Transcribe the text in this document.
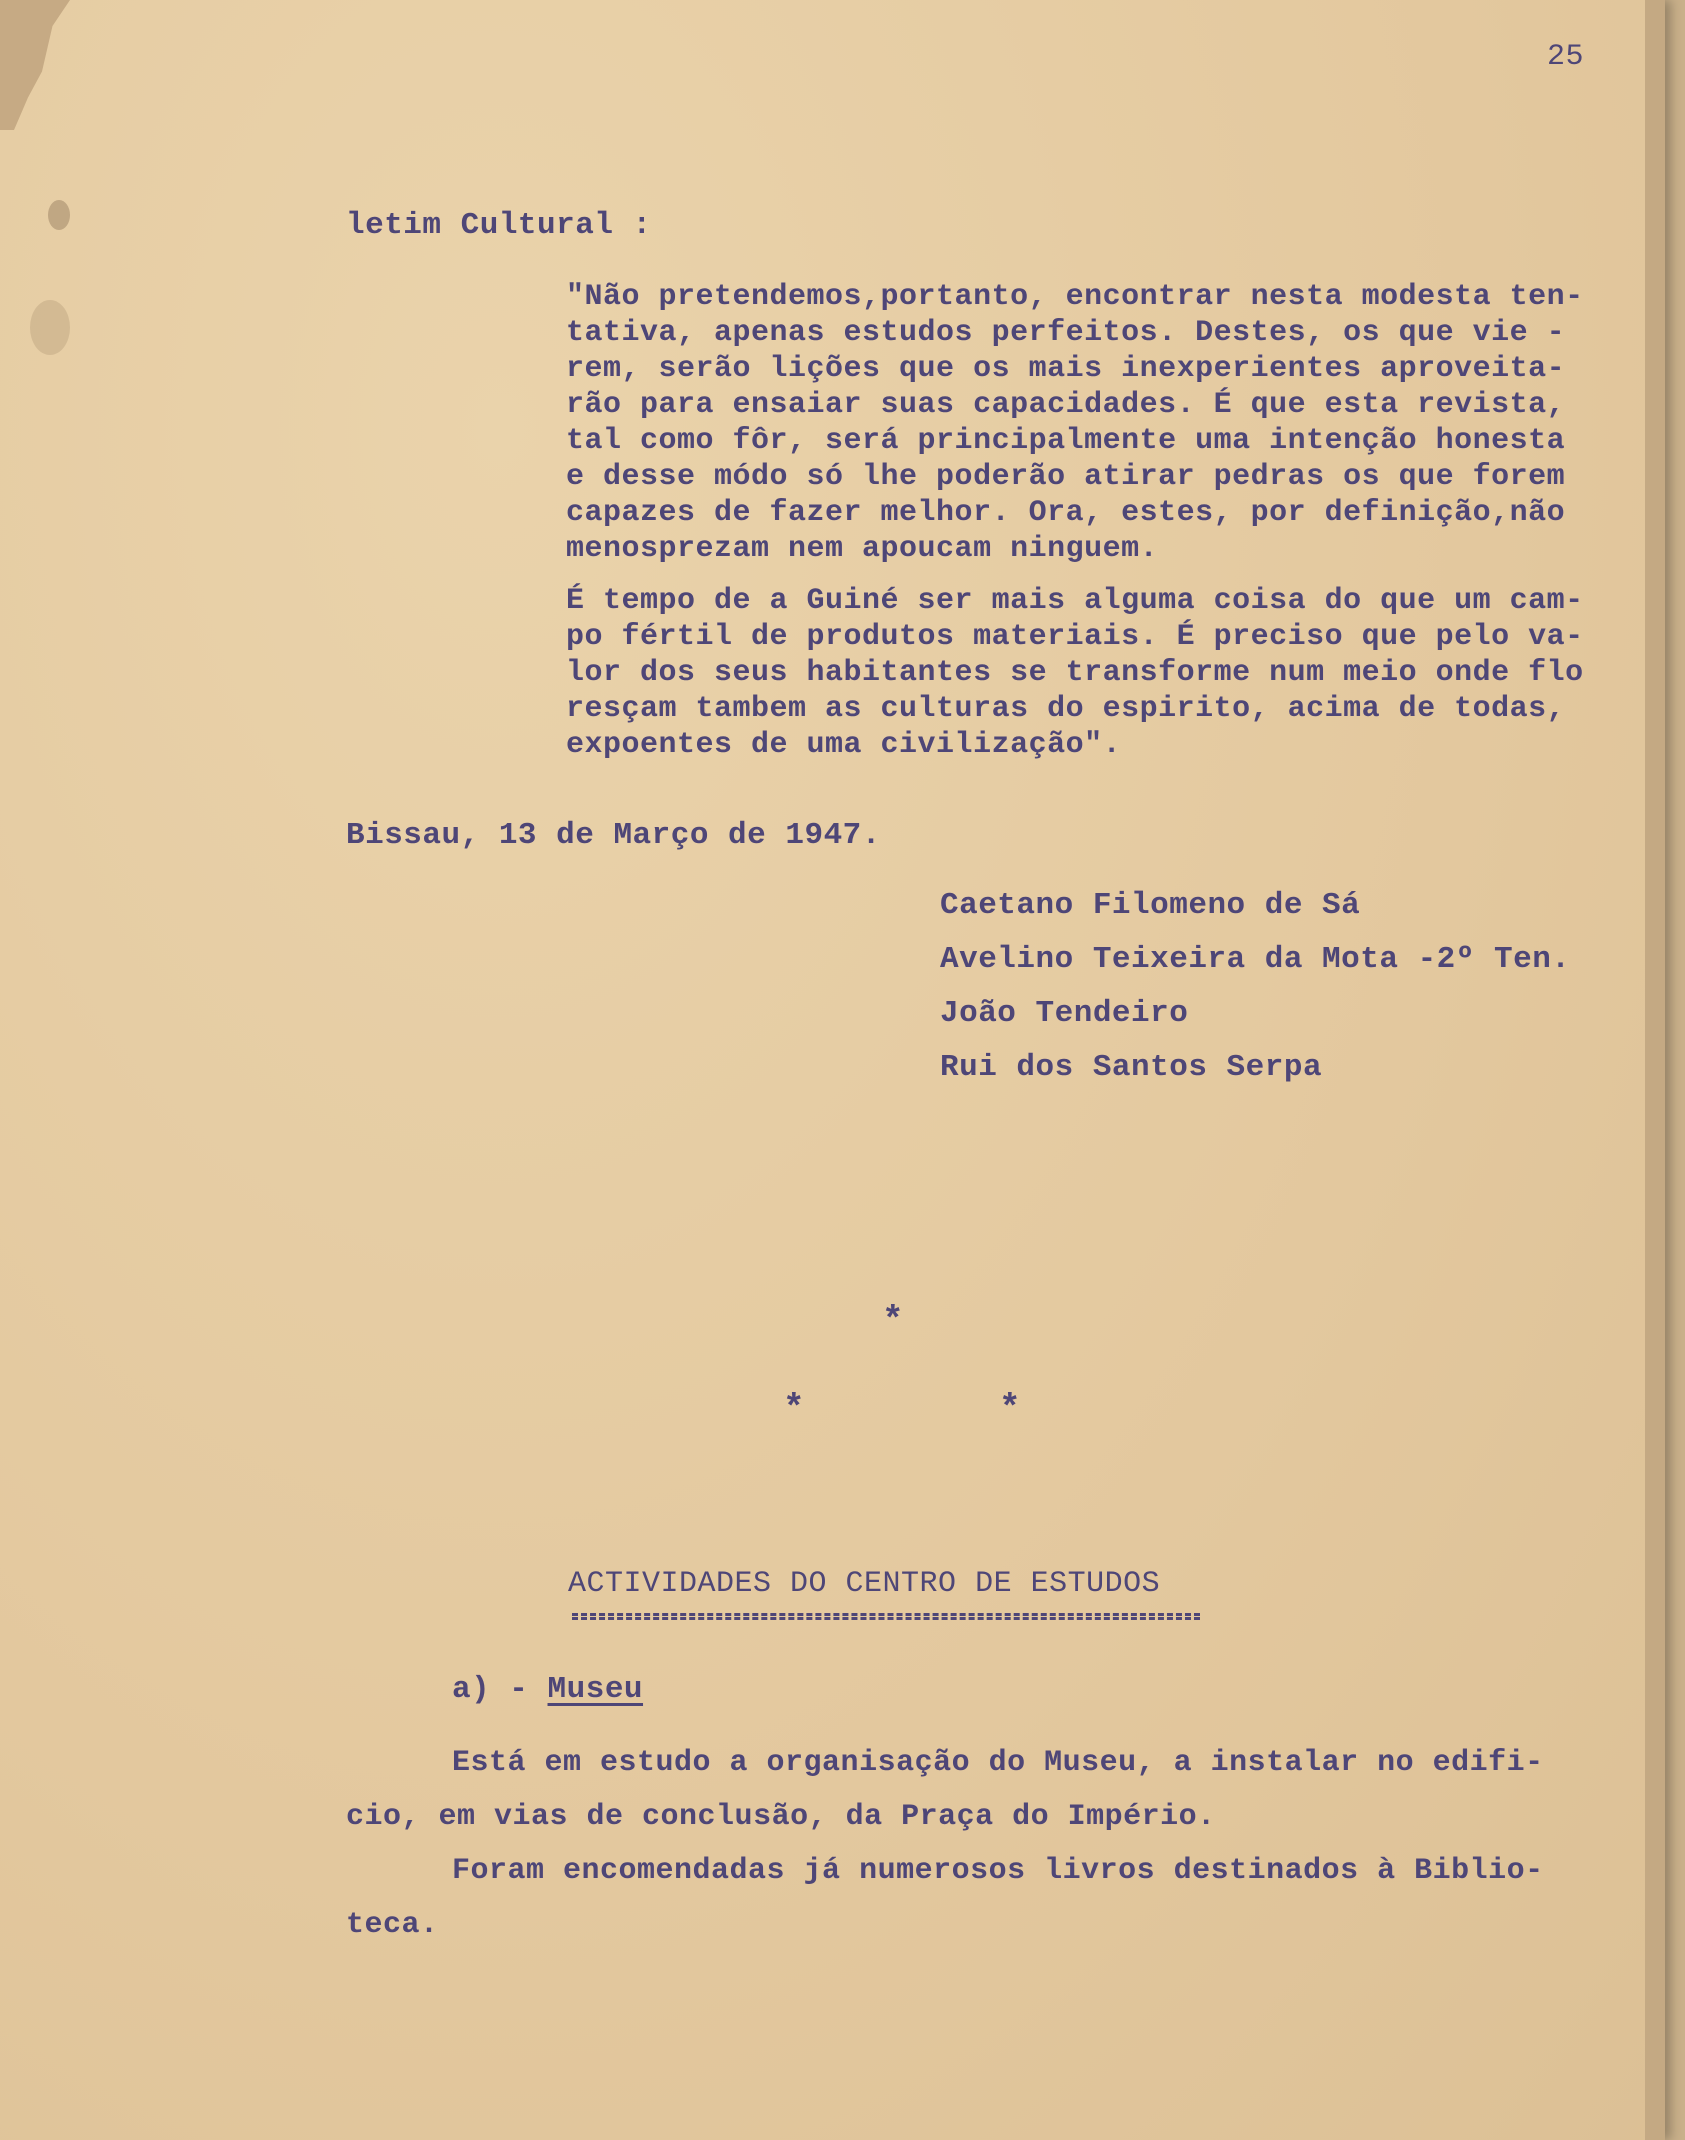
25
letim Cultural :
"Não pretendemos,portanto, encontrar nesta modesta ten-
tativa, apenas estudos perfeitos. Destes, os que vie -
rem, serão lições que os mais inexperientes aproveita-
rão para ensaiar suas capacidades. É que esta revista,
tal como fôr, será principalmente uma intenção honesta
e desse módo só lhe poderão atirar pedras os que forem
capazes de fazer melhor. Ora, estes, por definição,não
menosprezam nem apoucam ninguem.
É tempo de a Guiné ser mais alguma coisa do que um cam-
po fértil de produtos materiais. É preciso que pelo va-
lor dos seus habitantes se transforme num meio onde flo
resçam tambem as culturas do espirito, acima de todas,
expoentes de uma civilização".
Bissau, 13 de Março de 1947.
Caetano Filomeno de Sá
Avelino Teixeira da Mota -2º Ten.
João Tendeiro
Rui dos Santos Serpa
*
*	*
ACTIVIDADES DO CENTRO DE ESTUDOS
a) - Museu
Está em estudo a organisação do Museu, a instalar no edifi-
cio, em vias de conclusão, da Praça do Império.
Foram encomendadas já numerosos livros destinados à Biblio-
teca.
